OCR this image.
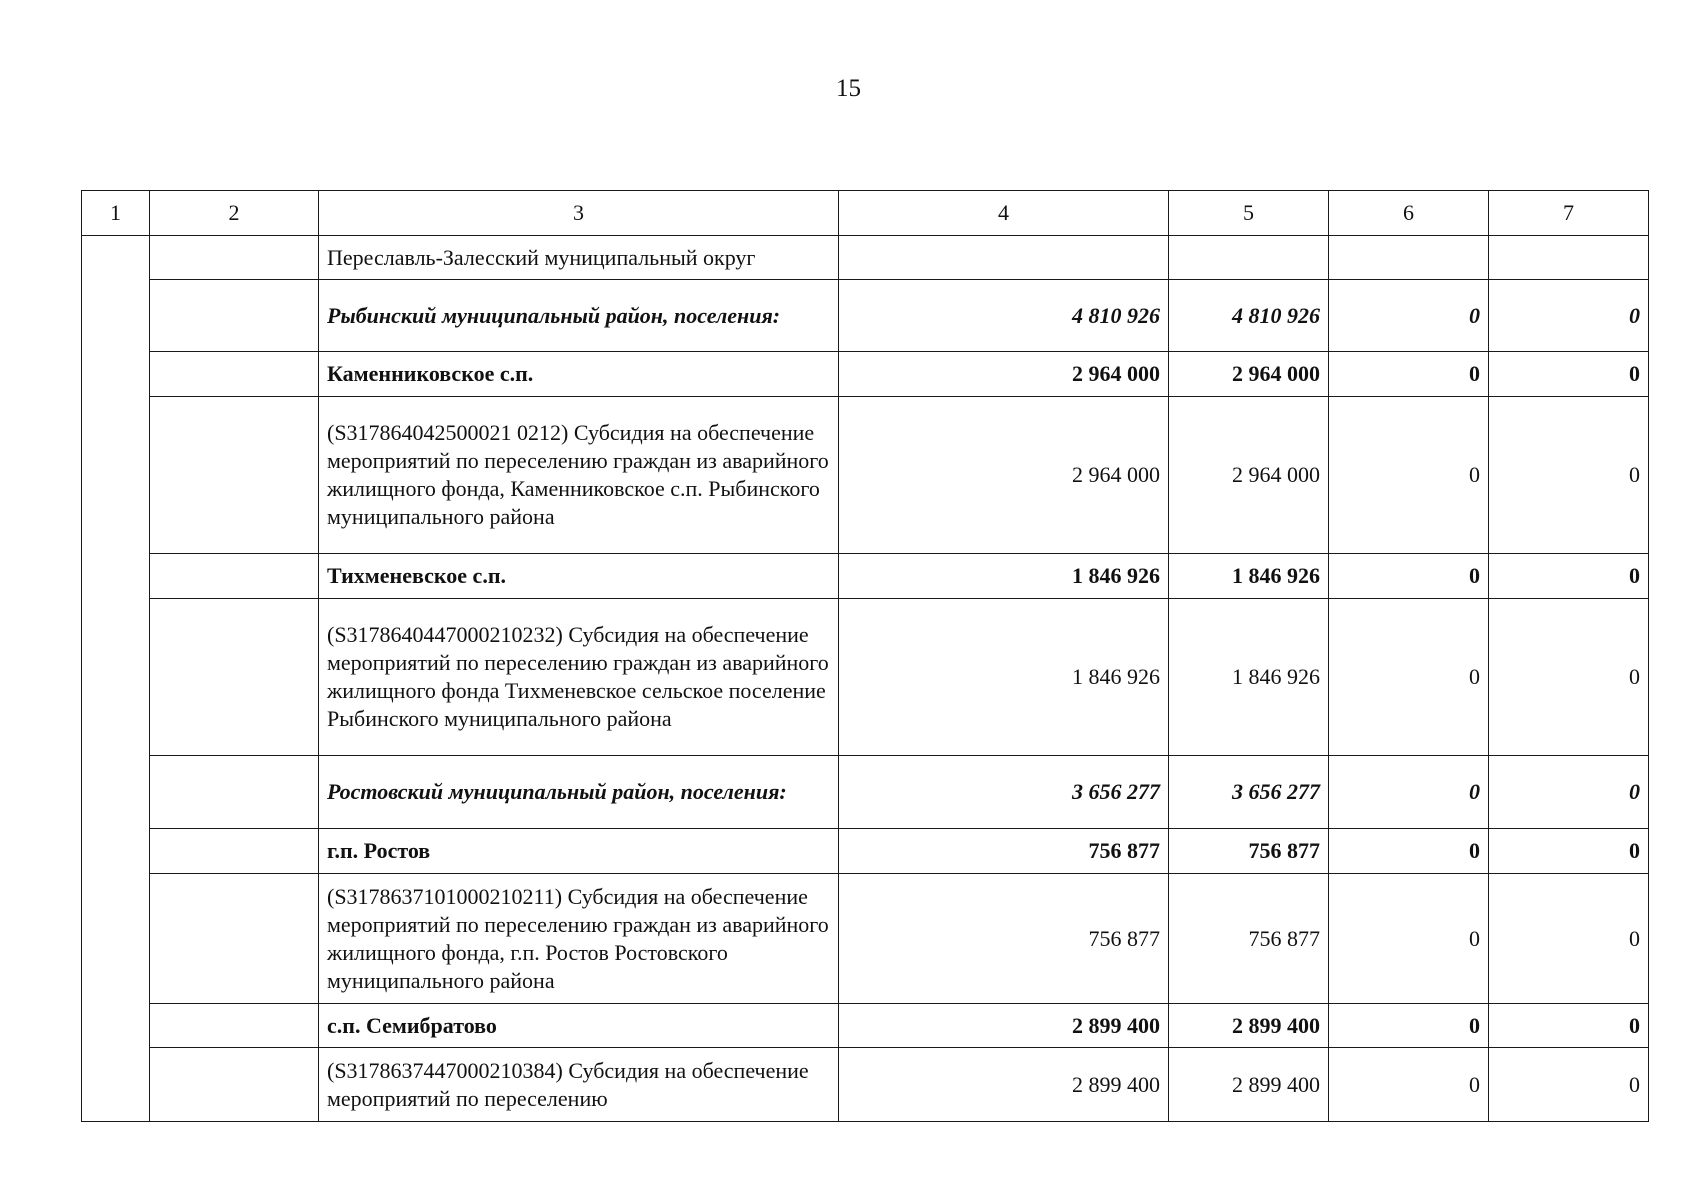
15
1	2	3	4	5	6	7
		Переславль-Залесский муниципальный округ				
		Рыбинский муниципальный район, поселения:	4 810 926	4 810 926	0	0
		Каменниковское с.п.	2 964 000	2 964 000	0	0
		(S317864042500021 0212) Субсидия на обеспечение мероприятий по переселению граждан из аварийного жилищного фонда, Каменниковское с.п. Рыбинского муниципального района	2 964 000	2 964 000	0	0
		Тихменевское с.п.	1 846 926	1 846 926	0	0
		(S3178640447000210232) Субсидия на обеспечение мероприятий по переселению граждан из аварийного жилищного фонда Тихменевское сельское поселение Рыбинского муниципального района	1 846 926	1 846 926	0	0
		Ростовский муниципальный район, поселения:	3 656 277	3 656 277	0	0
		г.п. Ростов	756 877	756 877	0	0
		(S3178637101000210211) Субсидия на обеспечение мероприятий по переселению граждан из аварийного жилищного фонда, г.п. Ростов Ростовского муниципального района	756 877	756 877	0	0
		с.п. Семибратово	2 899 400	2 899 400	0	0
		(S3178637447000210384) Субсидия на обеспечение мероприятий по переселению	2 899 400	2 899 400	0	0
